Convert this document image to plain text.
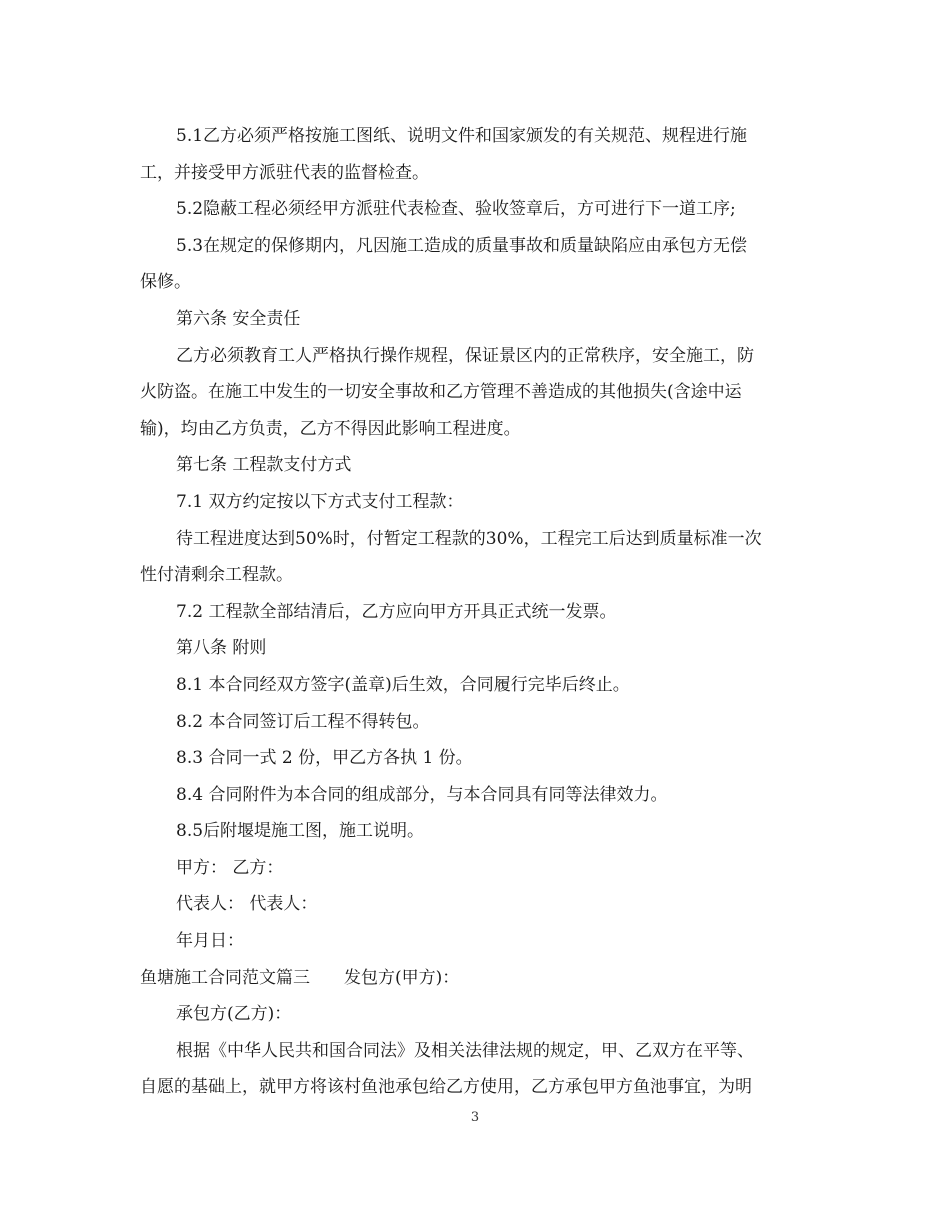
5.1乙方必须严格按施工图纸、说明文件和国家颁发的有关规范、规程进行施
工，并接受甲方派驻代表的监督检查。
5.2隐蔽工程必须经甲方派驻代表检查、验收签章后，方可进行下一道工序;
5.3在规定的保修期内，凡因施工造成的质量事故和质量缺陷应由承包方无偿
保修。
第六条 安全责任
乙方必须教育工人严格执行操作规程，保证景区内的正常秩序，安全施工，防
火防盗。在施工中发生的一切安全事故和乙方管理不善造成的其他损失(含途中运
输)，均由乙方负责，乙方不得因此影响工程进度。
第七条 工程款支付方式
7.1 双方约定按以下方式支付工程款：
待工程进度达到50%时，付暂定工程款的30%，工程完工后达到质量标准一次
性付清剩余工程款。
7.2 工程款全部结清后，乙方应向甲方开具正式统一发票。
第八条 附则
8.1 本合同经双方签字(盖章)后生效，合同履行完毕后终止。
8.2 本合同签订后工程不得转包。
8.3 合同一式 2 份，甲乙方各执 1 份。
8.4 合同附件为本合同的组成部分，与本合同具有同等法律效力。
8.5后附堰堤施工图，施工说明。
甲方： 乙方：
代表人： 代表人：
年月日：
鱼塘施工合同范文篇三 发包方(甲方)：
承包方(乙方)：
根据《中华人民共和国合同法》及相关法律法规的规定，甲、乙双方在平等、
自愿的基础上，就甲方将该村鱼池承包给乙方使用，乙方承包甲方鱼池事宜，为明
3
